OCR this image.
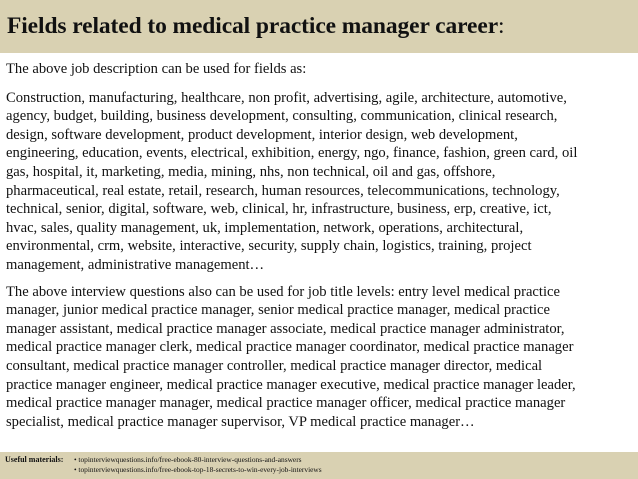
Fields related to medical practice manager career:

The above job description can be used for fields as:

Construction, manufacturing, healthcare, non profit, advertising, agile, architecture, automotive,
agency, budget, building, business development, consulting, communication, clinical research,
design, software development, product development, interior design, web development,
engineering, education, events, electrical, exhibition, energy, ngo, finance, fashion, green card, oil
gas, hospital, it, marketing, media, mining, nhs, non technical, oil and gas, offshore,
pharmaceutical, real estate, retail, research, human resources, telecommunications, technology,
technical, senior, digital, software, web, clinical, hr, infrastructure, business, erp, creative, ict,
hvac, sales, quality management, uk, implementation, network, operations, architectural,
environmental, crm, website, interactive, security, supply chain, logistics, training, project
management, administrative management…

The above interview questions also can be used for job title levels: entry level medical practice
manager, junior medical practice manager, senior medical practice manager, medical practice
manager assistant, medical practice manager associate, medical practice manager administrator,
medical practice manager clerk, medical practice manager coordinator, medical practice manager
consultant, medical practice manager controller, medical practice manager director, medical
practice manager engineer, medical practice manager executive, medical practice manager leader,
medical practice manager manager, medical practice manager officer, medical practice manager
specialist, medical practice manager supervisor, VP medical practice manager…

Useful materials: • topinterviewquestions.info/free-ebook-80-interview-questions-and-answers
• topinterviewquestions.info/free-ebook-top-18-secrets-to-win-every-job-interviews
